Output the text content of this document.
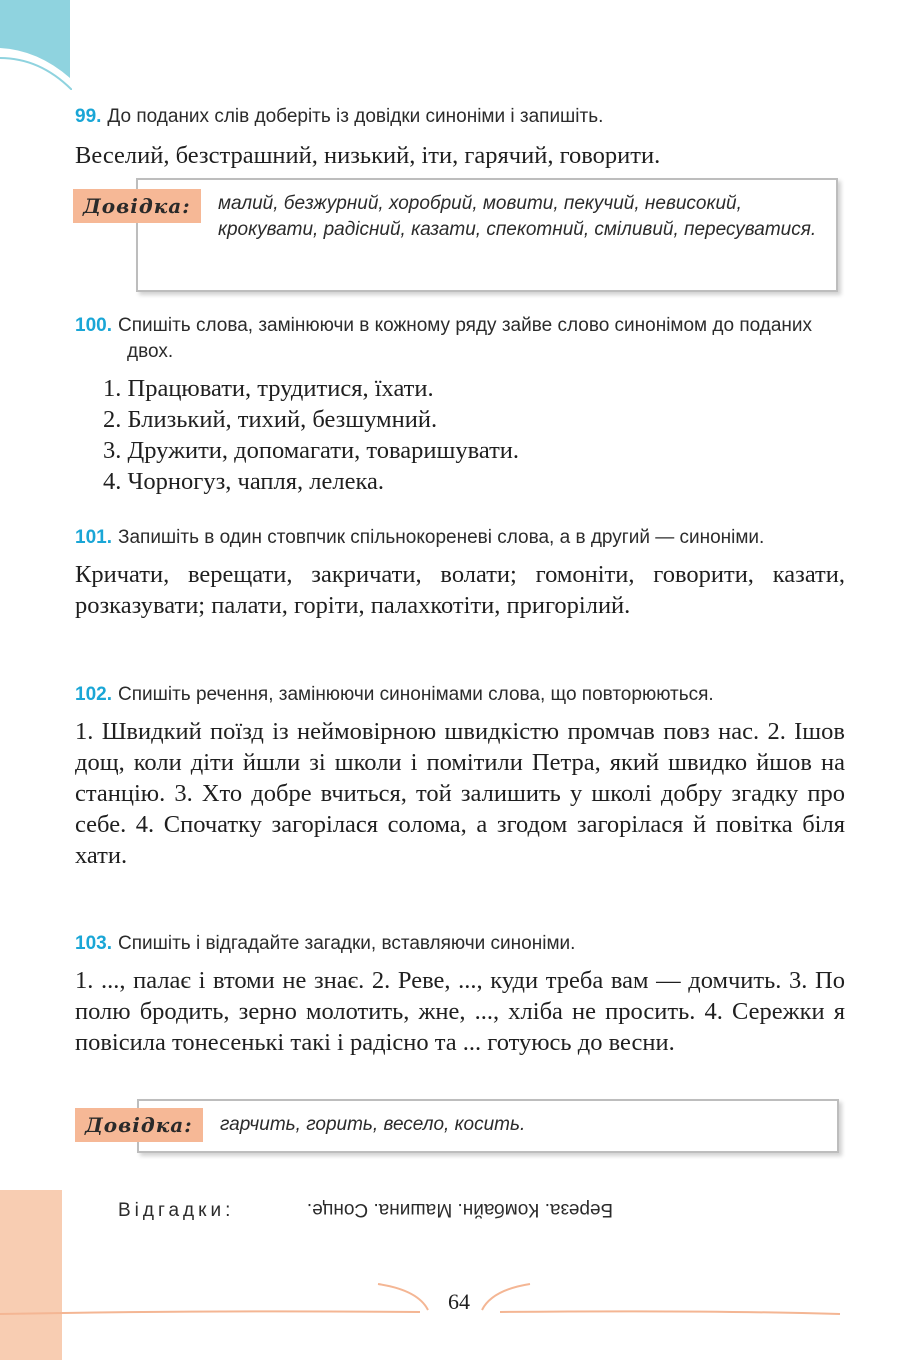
99. До поданих слів доберіть із довідки синоніми і запишіть.
Веселий, безстрашний, низький, іти, гарячий, говорити.
Довідка:	малий, безжурний, хоробрий, мовити, пекучий, невисокий, крокувати, радісний, казати, спекотний, сміливий, пересуватися.
100. Спишіть слова, замінюючи в кожному ряду зайве слово синонімом до поданих двох.
1. Працювати, трудитися, їхати.
2. Близький, тихий, безшумний.
3. Дружити, допомагати, товаришувати.
4. Чорногуз, чапля, лелека.
101. Запишіть в один стовпчик спільнокореневі слова, а в другий — синоніми.
Кричати, верещати, закричати, волати; гомоніти, говорити, казати, розказувати; палати, горіти, палахкотіти, пригорілий.
102. Спишіть речення, замінюючи синонімами слова, що повторюються.
1. Швидкий поїзд із неймовірною швидкістю промчав повз нас. 2. Ішов дощ, коли діти йшли зі школи і помітили Петра, який швидко йшов на станцію. 3. Хто добре вчиться, той залишить у школі добру згадку про себе. 4. Спочатку загорілася солома, а згодом загорілася й повітка біля хати.
103. Спишіть і відгадайте загадки, вставляючи синоніми.
1. ..., палає і втоми не знає. 2. Реве, ..., куди треба вам — домчить. 3. По полю бродить, зерно молотить, жне, ..., хліба не просить. 4. Сережки я повісила тонесенькі такі і радісно та ... готуюсь до весни.
Довідка:	гарчить, горить, весело, косить.
Відгадки:	Береза. Комбайн. Машина. Сонце.
64
